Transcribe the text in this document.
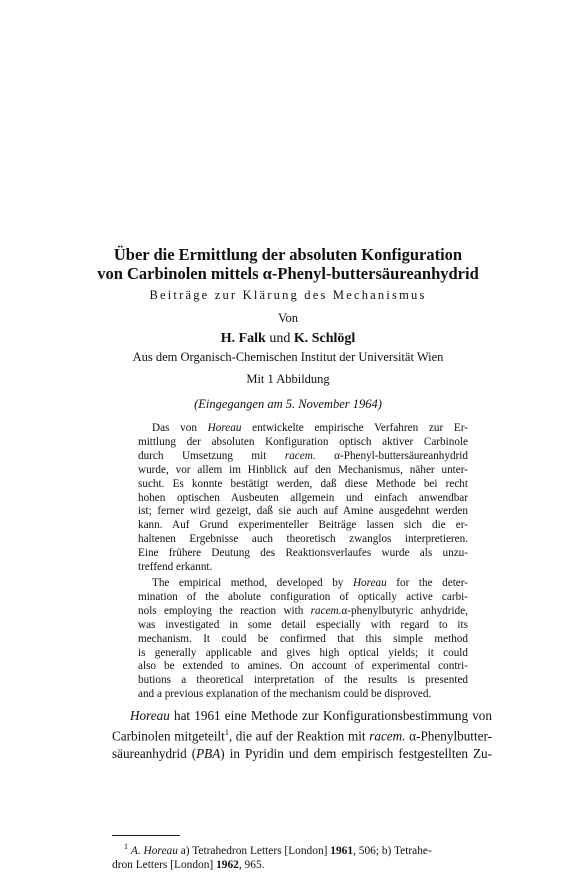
Über die Ermittlung der absoluten Konfiguration
von Carbinolen mittels α-Phenyl-buttersäureanhydrid

Beiträge zur Klärung des Mechanismus

Von

H. Falk und K. Schlögl

Aus dem Organisch-Chemischen Institut der Universität Wien

Mit 1 Abbildung

(Eingegangen am 5. November 1964)

Das von Horeau entwickelte empirische Verfahren zur Er-
mittlung der absoluten Konfiguration optisch aktiver Carbinole
durch Umsetzung mit racem. α-Phenyl-buttersäureanhydrid
wurde, vor allem im Hinblick auf den Mechanismus, näher unter-
sucht. Es konnte bestätigt werden, daß diese Methode bei recht
hohen optischen Ausbeuten allgemein und einfach anwendbar
ist; ferner wird gezeigt, daß sie auch auf Amine ausgedehnt werden
kann. Auf Grund experimenteller Beiträge lassen sich die er-
haltenen Ergebnisse auch theoretisch zwanglos interpretieren.
Eine frühere Deutung des Reaktionsverlaufes wurde als unzu-
treffend erkannt.
The empirical method, developed by Horeau for the deter-
mination of the abolute configuration of optically active carbi-
nols employing the reaction with racem.α-phenylbutyric anhydride,
was investigated in some detail especially with regard to its
mechanism. It could be confirmed that this simple method
is generally applicable and gives high optical yields; it could
also be extended to amines. On account of experimental contri-
butions a theoretical interpretation of the results is presented
and a previous explanation of the mechanism could be disproved.
Horeau hat 1961 eine Methode zur Konfigurationsbestimmung von
Carbinolen mitgeteilt$^1$, die auf der Reaktion mit racem. α-Phenylbutter-
säureanhydrid (PBA) in Pyridin und dem empirisch festgestellten Zu-
$^1$ A. Horeau a) Tetrahedron Letters [London] 1961, 506; b) Tetrahe-
dron Letters [London] 1962, 965.
